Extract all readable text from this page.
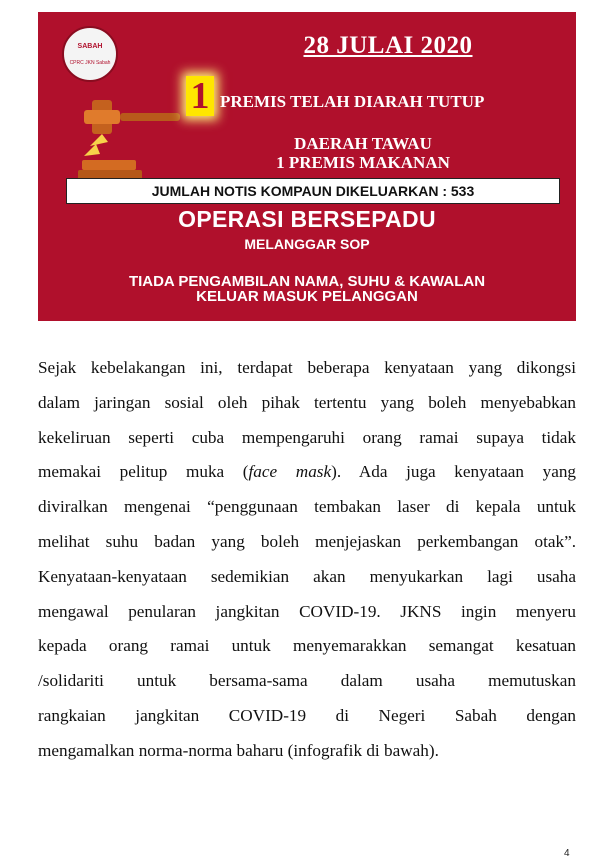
SABAH
CPRC JKN Sabah
28 JULAI 2020
1 PREMIS TELAH DIARAH TUTUP
DAERAH TAWAU
1 PREMIS MAKANAN
JUMLAH NOTIS KOMPAUN DIKELUARKAN : 533
OPERASI BERSEPADU
MELANGGAR SOP
TIADA PENGAMBILAN NAMA, SUHU & KAWALAN
KELUAR MASUK PELANGGAN
Sejak kebelakangan ini, terdapat beberapa kenyataan yang dikongsi
dalam jaringan sosial oleh pihak tertentu yang boleh menyebabkan
kekeliruan seperti cuba mempengaruhi orang ramai supaya tidak
memakai pelitup muka (face mask). Ada juga kenyataan yang
diviralkan mengenai “penggunaan tembakan laser di kepala untuk
melihat suhu badan yang boleh menjejaskan perkembangan otak”.
Kenyataan-kenyataan sedemikian akan menyukarkan lagi usaha
mengawal penularan jangkitan COVID-19. JKNS ingin menyeru
kepada orang ramai untuk menyemarakkan semangat kesatuan
/solidariti untuk bersama-sama dalam usaha memutuskan
rangkaian jangkitan COVID-19 di Negeri Sabah dengan
mengamalkan norma-norma baharu (infografik di bawah).
4
